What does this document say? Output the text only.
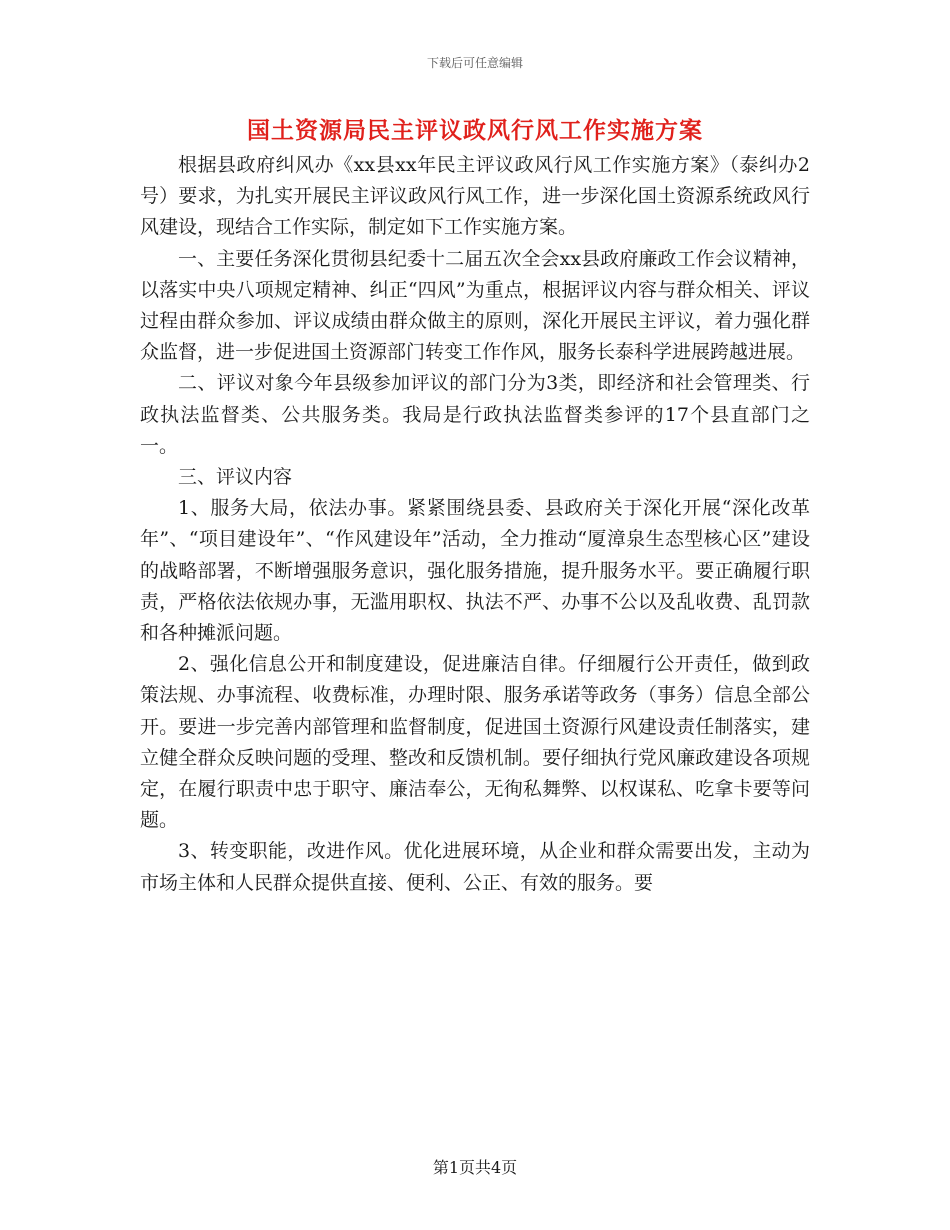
下载后可任意编辑
国土资源局民主评议政风行风工作实施方案

根据县政府纠风办《xx县xx年民主评议政风行风工作实施方案》（泰纠办2号）要求，为扎实开展民主评议政风行风工作，进一步深化国土资源系统政风行风建设，现结合工作实际，制定如下工作实施方案。

一、主要任务深化贯彻县纪委十二届五次全会xx县政府廉政工作会议精神，以落实中央八项规定精神、纠正“四风”为重点，根据评议内容与群众相关、评议过程由群众参加、评议成绩由群众做主的原则，深化开展民主评议，着力强化群众监督，进一步促进国土资源部门转变工作作风，服务长泰科学进展跨越进展。

二、评议对象今年县级参加评议的部门分为3类，即经济和社会管理类、行政执法监督类、公共服务类。我局是行政执法监督类参评的17个县直部门之一。

三、评议内容

1、服务大局，依法办事。紧紧围绕县委、县政府关于深化开展“深化改革年”、“项目建设年”、“作风建设年”活动，全力推动“厦漳泉生态型核心区”建设的战略部署，不断增强服务意识，强化服务措施，提升服务水平。要正确履行职责，严格依法依规办事，无滥用职权、执法不严、办事不公以及乱收费、乱罚款和各种摊派问题。

2、强化信息公开和制度建设，促进廉洁自律。仔细履行公开责任，做到政策法规、办事流程、收费标准，办理时限、服务承诺等政务（事务）信息全部公开。要进一步完善内部管理和监督制度，促进国土资源行风建设责任制落实，建立健全群众反映问题的受理、整改和反馈机制。要仔细执行党风廉政建设各项规定，在履行职责中忠于职守、廉洁奉公，无徇私舞弊、以权谋私、吃拿卡要等问题。

3、转变职能，改进作风。优化进展环境，从企业和群众需要出发，主动为市场主体和人民群众提供直接、便利、公正、有效的服务。要

第1页共4页
